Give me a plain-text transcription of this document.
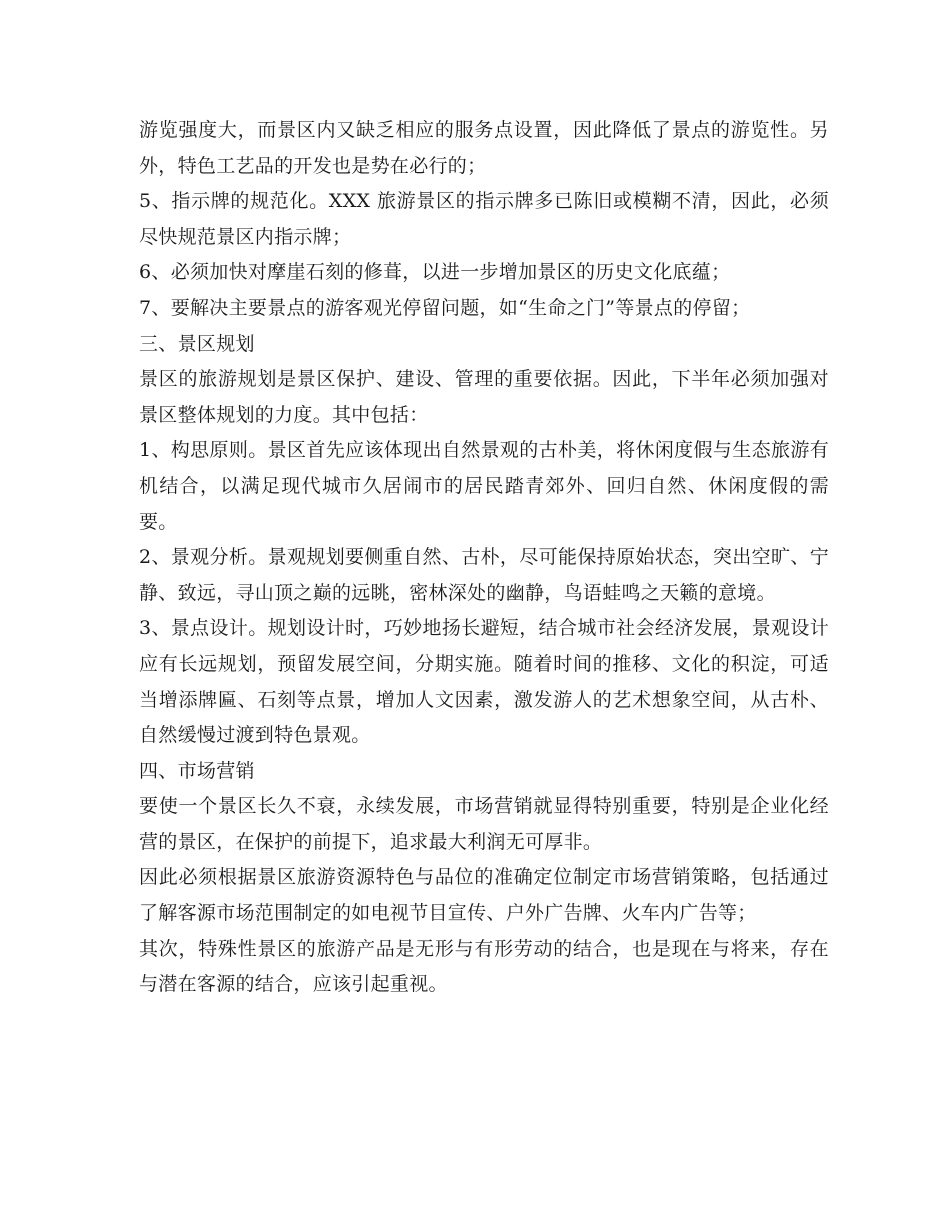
游览强度大，而景区内又缺乏相应的服务点设置，因此降低了景点的游览性。另外，特色工艺品的开发也是势在必行的；

5、指示牌的规范化。XXX 旅游景区的指示牌多已陈旧或模糊不清，因此，必须尽快规范景区内指示牌；

6、必须加快对摩崖石刻的修葺，以进一步增加景区的历史文化底蕴；

7、要解决主要景点的游客观光停留问题，如“生命之门”等景点的停留；

三、景区规划

景区的旅游规划是景区保护、建设、管理的重要依据。因此，下半年必须加强对景区整体规划的力度。其中包括：

1、构思原则。景区首先应该体现出自然景观的古朴美，将休闲度假与生态旅游有机结合，以满足现代城市久居闹市的居民踏青郊外、回归自然、休闲度假的需要。

2、景观分析。景观规划要侧重自然、古朴，尽可能保持原始状态，突出空旷、宁静、致远，寻山顶之巅的远眺，密林深处的幽静，鸟语蛙鸣之天籁的意境。

3、景点设计。规划设计时，巧妙地扬长避短，结合城市社会经济发展，景观设计应有长远规划，预留发展空间，分期实施。随着时间的推移、文化的积淀，可适当增添牌匾、石刻等点景，增加人文因素，激发游人的艺术想象空间，从古朴、自然缓慢过渡到特色景观。

四、市场营销

要使一个景区长久不衰，永续发展，市场营销就显得特别重要，特别是企业化经营的景区，在保护的前提下，追求最大利润无可厚非。

因此必须根据景区旅游资源特色与品位的准确定位制定市场营销策略，包括通过了解客源市场范围制定的如电视节目宣传、户外广告牌、火车内广告等；

其次，特殊性景区的旅游产品是无形与有形劳动的结合，也是现在与将来，存在与潜在客源的结合，应该引起重视。
